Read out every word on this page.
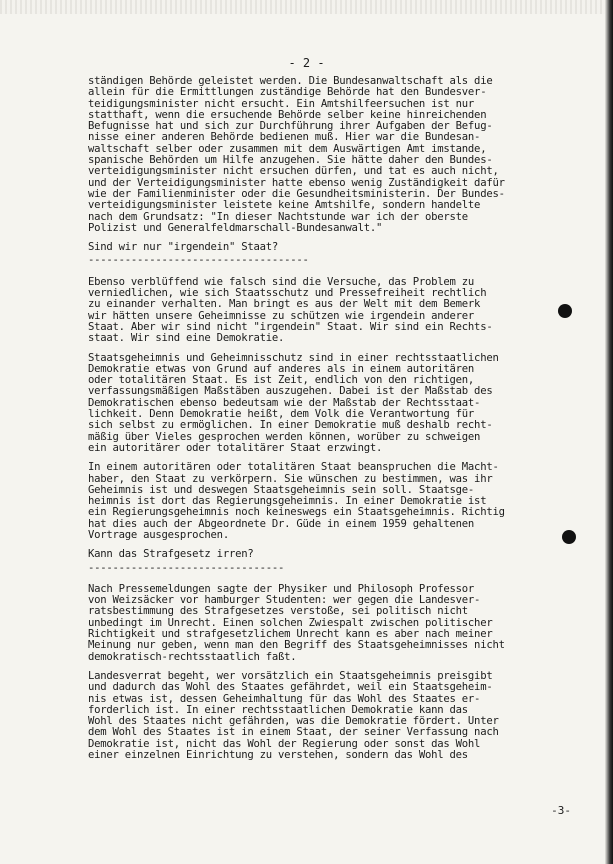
- 2 -
ständigen Behörde geleistet werden. Die Bundesanwaltschaft als die
allein für die Ermittlungen zuständige Behörde hat den Bundesver-
teidigungsminister nicht ersucht. Ein Amtshilfeersuchen ist nur
statthaft, wenn die ersuchende Behörde selber keine hinreichenden
Befugnisse hat und sich zur Durchführung ihrer Aufgaben der Befug-
nisse einer anderen Behörde bedienen muß. Hier war die Bundesan-
waltschaft selber oder zusammen mit dem Auswärtigen Amt imstande,
spanische Behörden um Hilfe anzugehen. Sie hätte daher den Bundes-
verteidigungsminister nicht ersuchen dürfen, und tat es auch nicht,
und der Verteidigungsminister hatte ebenso wenig Zuständigkeit dafür
wie der Familienminister oder die Gesundheitsministerin. Der Bundes-
verteidigungsminister leistete keine Amtshilfe, sondern handelte
nach dem Grundsatz: "In dieser Nachtstunde war ich der oberste
Polizist und Generalfeldmarschall-Bundesanwalt."
Sind wir nur "irgendein" Staat?
------------------------------------
Ebenso verblüffend wie falsch sind die Versuche, das Problem zu
verniedlichen, wie sich Staatsschutz und Pressefreiheit rechtlich
zu einander verhalten. Man bringt es aus der Welt mit dem Bemerk
wir hätten unsere Geheimnisse zu schützen wie irgendein anderer
Staat. Aber wir sind nicht "irgendein" Staat. Wir sind ein Rechts-
staat. Wir sind eine Demokratie.
Staatsgeheimnis und Geheimnisschutz sind in einer rechtsstaatlichen
Demokratie etwas von Grund auf anderes als in einem autoritären
oder totalitären Staat. Es ist Zeit, endlich von den richtigen,
verfassungsmäßigen Maßstäben auszugehen. Dabei ist der Maßstab des
Demokratischen ebenso bedeutsam wie der Maßstab der Rechtsstaat-
lichkeit. Denn Demokratie heißt, dem Volk die Verantwortung für
sich selbst zu ermöglichen. In einer Demokratie muß deshalb recht-
mäßig über Vieles gesprochen werden können, worüber zu schweigen
ein autoritärer oder totalitärer Staat erzwingt.
In einem autoritären oder totalitären Staat beanspruchen die Macht-
haber, den Staat zu verkörpern. Sie wünschen zu bestimmen, was ihr
Geheimnis ist und deswegen Staatsgeheimnis sein soll. Staatsge-
heimnis ist dort das Regierungsgeheimnis. In einer Demokratie ist
ein Regierungsgeheimnis noch keineswegs ein Staatsgeheimnis. Richtig
hat dies auch der Abgeordnete Dr. Güde in einem 1959 gehaltenen
Vortrage ausgesprochen.
Kann das Strafgesetz irren?
--------------------------------
Nach Pressemeldungen sagte der Physiker und Philosoph Professor
von Weizsäcker vor hamburger Studenten: wer gegen die Landesver-
ratsbestimmung des Strafgesetzes verstoße, sei politisch nicht
unbedingt im Unrecht. Einen solchen Zwiespalt zwischen politischer
Richtigkeit und strafgesetzlichem Unrecht kann es aber nach meiner
Meinung nur geben, wenn man den Begriff des Staatsgeheimnisses nicht
demokratisch-rechtsstaatlich faßt.
Landesverrat begeht, wer vorsätzlich ein Staatsgeheimnis preisgibt
und dadurch das Wohl des Staates gefährdet, weil ein Staatsgeheim-
nis etwas ist, dessen Geheimhaltung für das Wohl des Staates er-
forderlich ist. In einer rechtsstaatlichen Demokratie kann das
Wohl des Staates nicht gefährden, was die Demokratie fördert. Unter
dem Wohl des Staates ist in einem Staat, der seiner Verfassung nach
Demokratie ist, nicht das Wohl der Regierung oder sonst das Wohl
einer einzelnen Einrichtung zu verstehen, sondern das Wohl des
-3-
